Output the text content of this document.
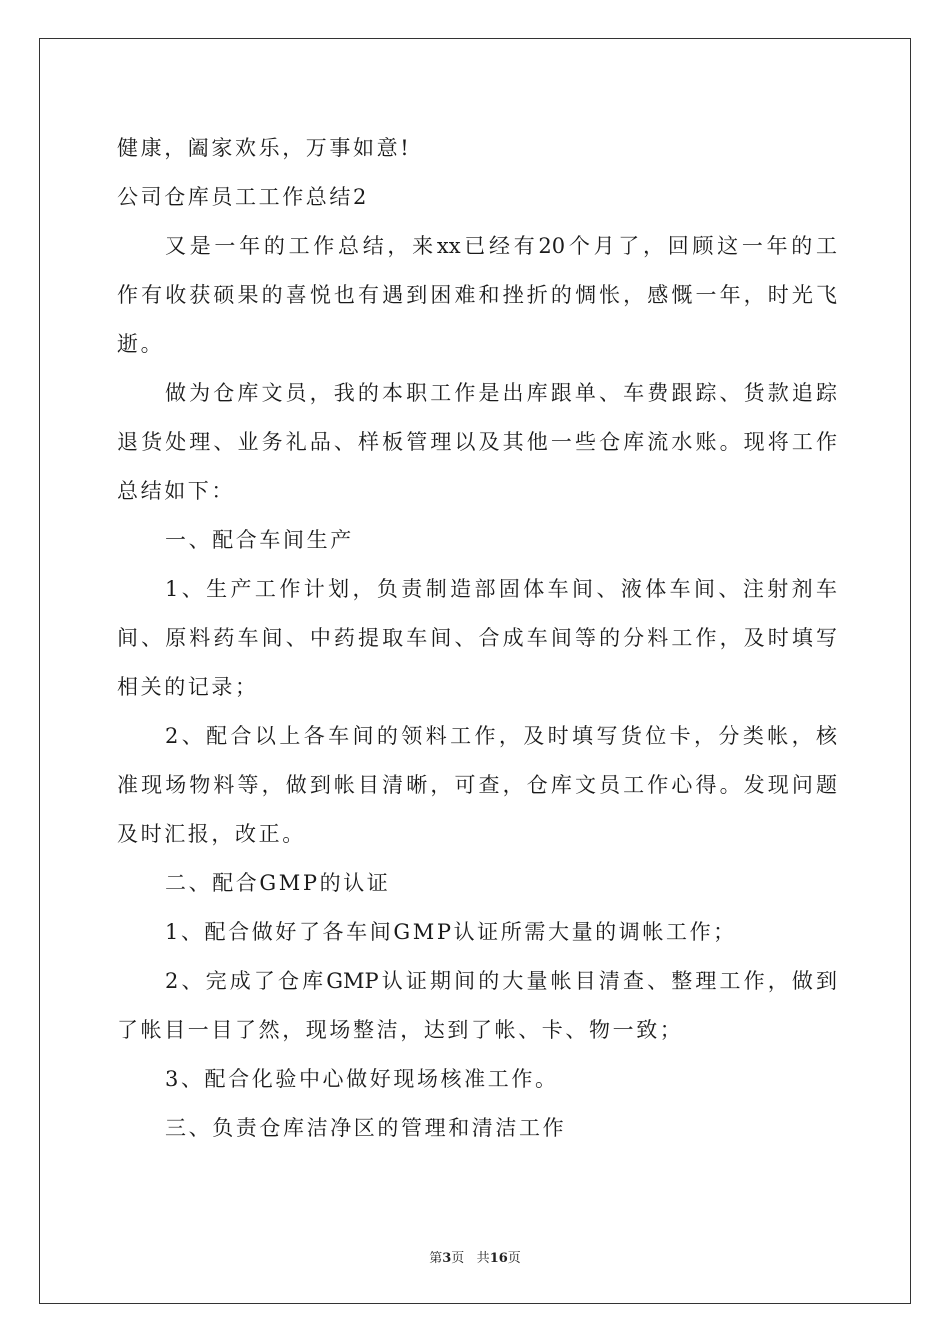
健康，阖家欢乐，万事如意!
公司仓库员工工作总结2
又是一年的工作总结，来xx已经有20个月了，回顾这一年的工
作有收获硕果的喜悦也有遇到困难和挫折的惆怅，感慨一年，时光飞
逝。
做为仓库文员，我的本职工作是出库跟单、车费跟踪、货款追踪
退货处理、业务礼品、样板管理以及其他一些仓库流水账。现将工作
总结如下：
一、配合车间生产
1、生产工作计划，负责制造部固体车间、液体车间、注射剂车
间、原料药车间、中药提取车间、合成车间等的分料工作，及时填写
相关的记录；
2、配合以上各车间的领料工作，及时填写货位卡，分类帐，核
准现场物料等，做到帐目清晰，可查，仓库文员工作心得。发现问题
及时汇报，改正。
二、配合GMP的认证
1、配合做好了各车间GMP认证所需大量的调帐工作；
2、完成了仓库GMP认证期间的大量帐目清查、整理工作，做到
了帐目一目了然，现场整洁，达到了帐、卡、物一致；
3、配合化验中心做好现场核准工作。
三、负责仓库洁净区的管理和清洁工作
第3页 共16页
